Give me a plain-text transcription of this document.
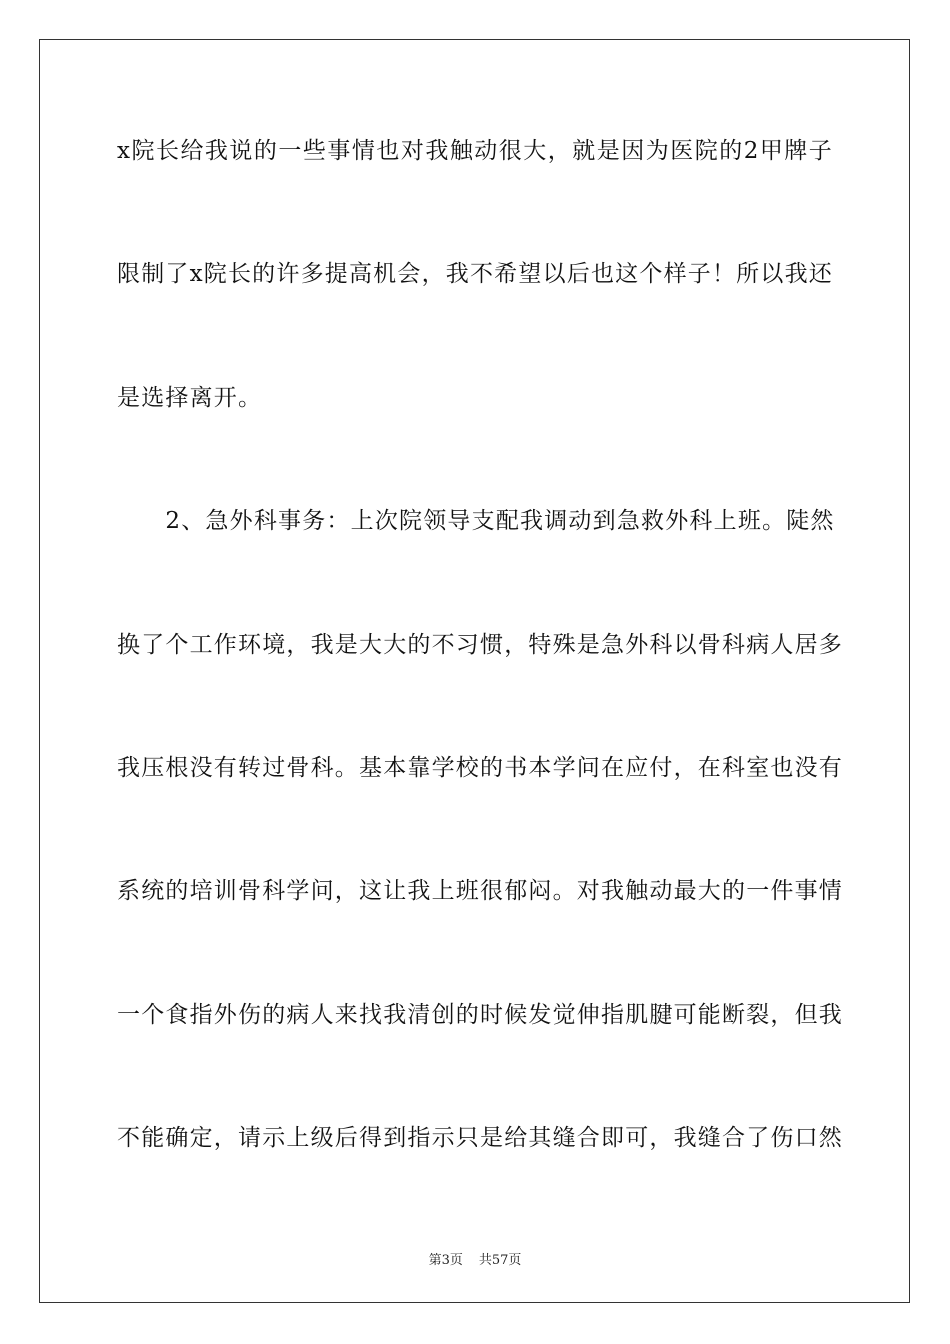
x院长给我说的一些事情也对我触动很大，就是因为医院的2甲牌子
限制了x院长的许多提高机会，我不希望以后也这个样子！所以我还
是选择离开。
　　2、急外科事务：上次院领导支配我调动到急救外科上班。陡然
换了个工作环境，我是大大的不习惯，特殊是急外科以骨科病人居多
我压根没有转过骨科。基本靠学校的书本学问在应付，在科室也没有
系统的培训骨科学问，这让我上班很郁闷。对我触动最大的一件事情
一个食指外伤的病人来找我清创的时候发觉伸指肌腱可能断裂，但我
不能确定，请示上级后得到指示只是给其缝合即可，我缝合了伤口然
第3页 共57页
